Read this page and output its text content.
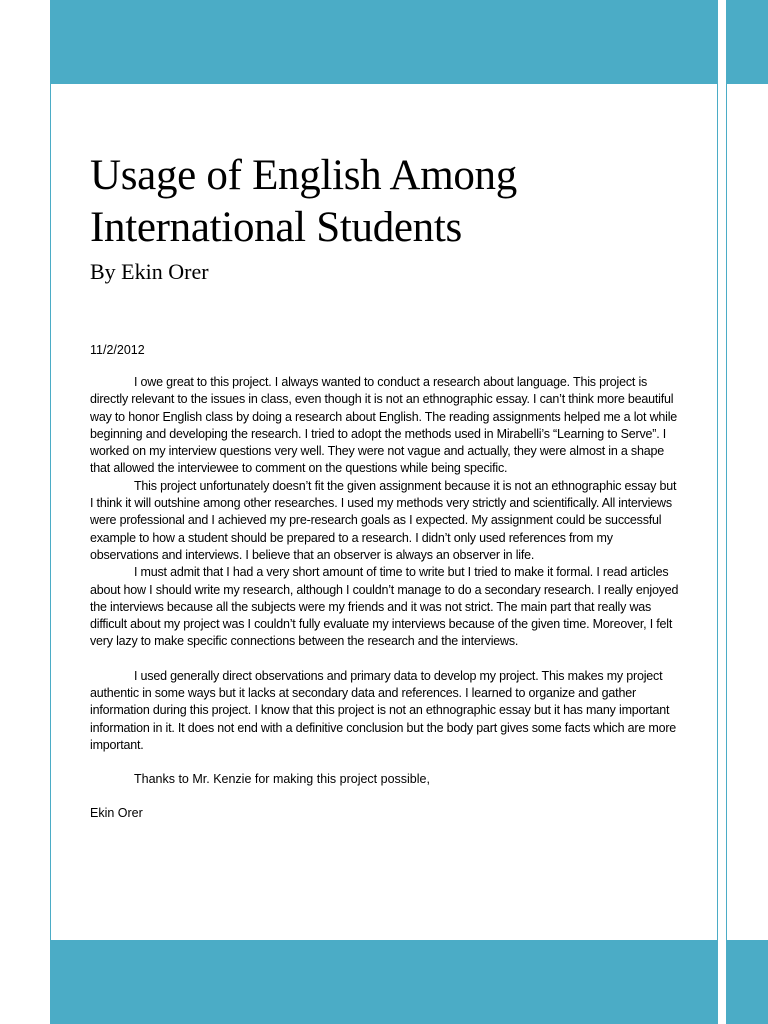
Usage of English Among
International Students
By Ekin Orer
11/2/2012

I owe great to this project. I always wanted to conduct a research about language. This project is directly relevant to the issues in class, even though it is not an ethnographic essay. I can’t think more beautiful way to honor English class by doing a research about English. The reading assignments helped me a lot while beginning and developing the research. I tried to adopt the methods used in Mirabelli’s “Learning to Serve”. I worked on my interview questions very well. They were not vague and actually, they were almost in a shape that allowed the interviewee to comment on the questions while being specific.

This project unfortunately doesn’t fit the given assignment because it is not an ethnographic essay but I think it will outshine among other researches. I used my methods very strictly and scientifically. All interviews were professional and I achieved my pre-research goals as I expected. My assignment could be successful example to how a student should be prepared to a research. I didn’t only used references from my observations and interviews. I believe that an observer is always an observer in life.

I must admit that I had a very short amount of time to write but I tried to make it formal. I read articles about how I should write my research, although I couldn’t manage to do a secondary research. I really enjoyed the interviews because all the subjects were my friends and it was not strict. The main part that really was difficult about my project was I couldn’t fully evaluate my interviews because of the given time. Moreover, I felt very lazy to make specific connections between the research and the interviews.

I used generally direct observations and primary data to develop my project. This makes my project authentic in some ways but it lacks at secondary data and references. I learned to organize and gather information during this project. I know that this project is not an ethnographic essay but it has many important information in it. It does not end with a definitive conclusion but the body part gives some facts which are more important.

Thanks to Mr. Kenzie for making this project possible,
Ekin Orer
